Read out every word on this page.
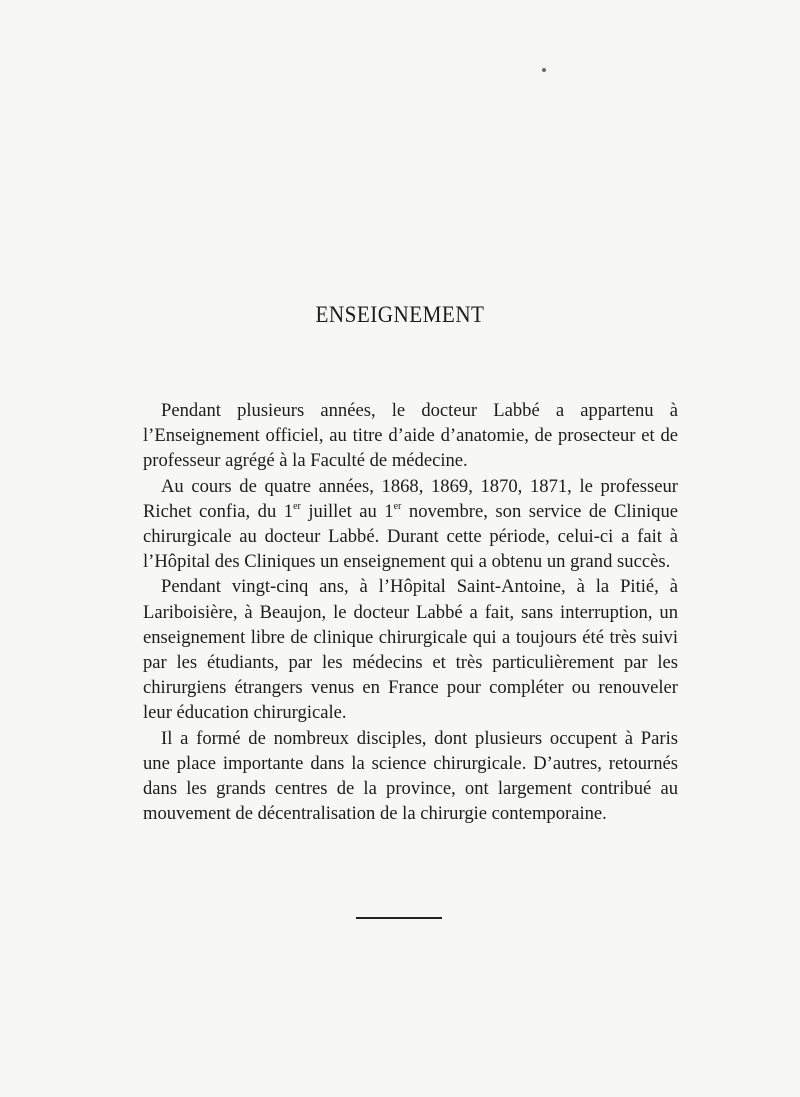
ENSEIGNEMENT

Pendant plusieurs années, le docteur Labbé a appartenu à l’Enseignement officiel, au titre d’aide d’anatomie, de prosecteur et de professeur agrégé à la Faculté de médecine.

Au cours de quatre années, 1868, 1869, 1870, 1871, le professeur Richet confia, du 1er juillet au 1er novembre, son service de Clinique chirurgicale au docteur Labbé. Durant cette période, celui-ci a fait à l’Hôpital des Cliniques un enseignement qui a obtenu un grand succès.

Pendant vingt-cinq ans, à l’Hôpital Saint-Antoine, à la Pitié, à Lariboisière, à Beaujon, le docteur Labbé a fait, sans interruption, un enseignement libre de clinique chirurgicale qui a toujours été très suivi par les étudiants, par les médecins et très particulièrement par les chirurgiens étrangers venus en France pour compléter ou renouveler leur éducation chirurgicale.

Il a formé de nombreux disciples, dont plusieurs occupent à Paris une place importante dans la science chirurgicale. D’autres, retournés dans les grands centres de la province, ont largement contribué au mouvement de décentralisation de la chirurgie contemporaine.
